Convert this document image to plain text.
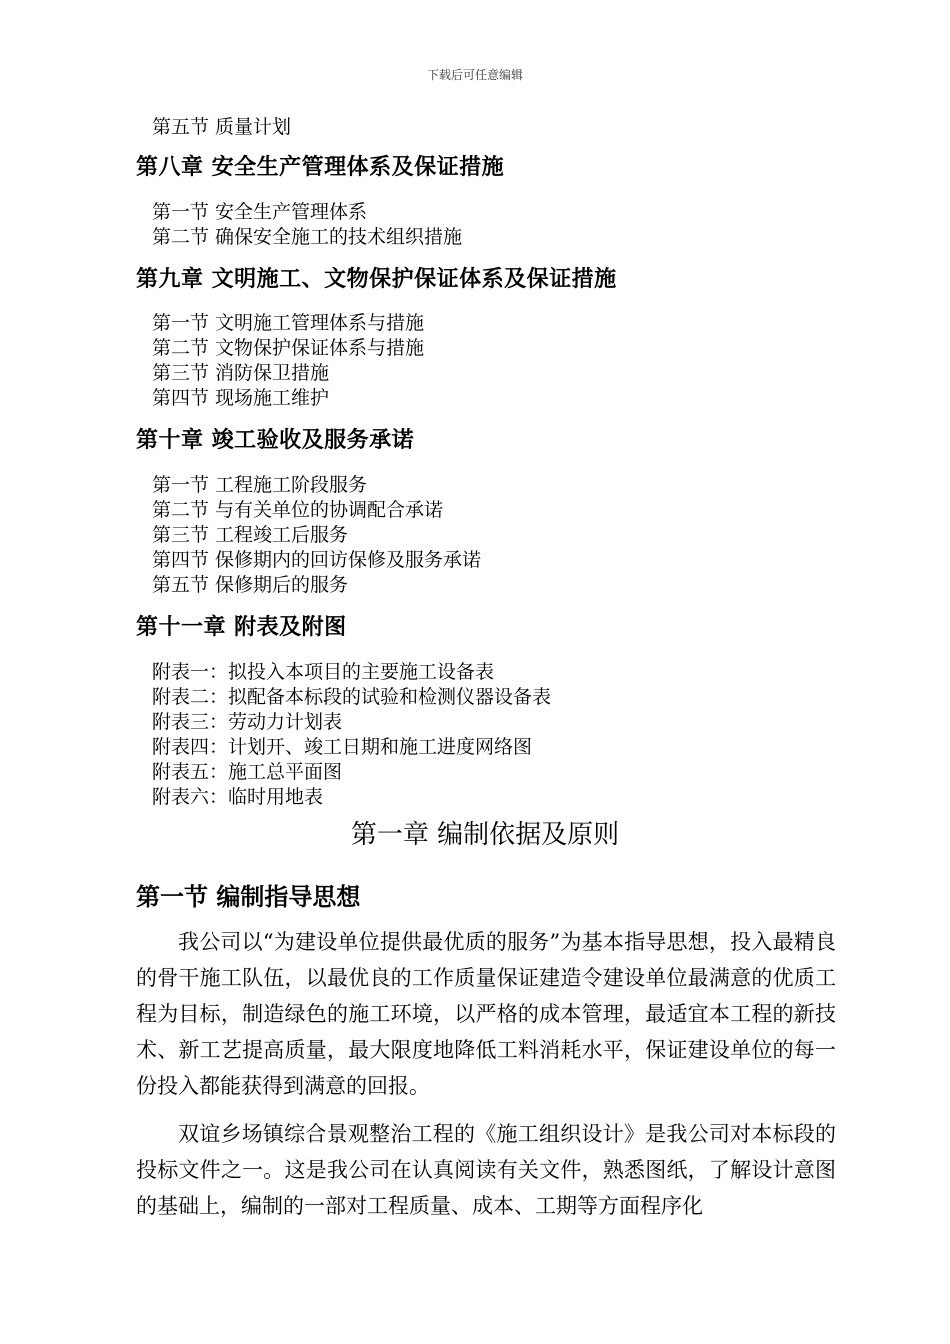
下载后可任意编辑
第五节 质量计划
第八章 安全生产管理体系及保证措施
第一节 安全生产管理体系
第二节 确保安全施工的技术组织措施
第九章 文明施工、文物保护保证体系及保证措施
第一节 文明施工管理体系与措施
第二节 文物保护保证体系与措施
第三节 消防保卫措施
第四节 现场施工维护
第十章 竣工验收及服务承诺
第一节 工程施工阶段服务
第二节 与有关单位的协调配合承诺
第三节 工程竣工后服务
第四节 保修期内的回访保修及服务承诺
第五节 保修期后的服务
第十一章 附表及附图
附表一：拟投入本项目的主要施工设备表
附表二：拟配备本标段的试验和检测仪器设备表
附表三：劳动力计划表
附表四：计划开、竣工日期和施工进度网络图
附表五：施工总平面图
附表六：临时用地表
第一章 编制依据及原则
第一节 编制指导思想

我公司以“为建设单位提供最优质的服务”为基本指导思想，投入最精良的骨干施工队伍，以最优良的工作质量保证建造令建设单位最满意的优质工程为目标，制造绿色的施工环境，以严格的成本管理，最适宜本工程的新技术、新工艺提高质量，最大限度地降低工料消耗水平，保证建设单位的每一份投入都能获得到满意的回报。

双谊乡场镇综合景观整治工程的《施工组织设计》是我公司对本标段的投标文件之一。这是我公司在认真阅读有关文件，熟悉图纸，了解设计意图的基础上，编制的一部对工程质量、成本、工期等方面程序化
